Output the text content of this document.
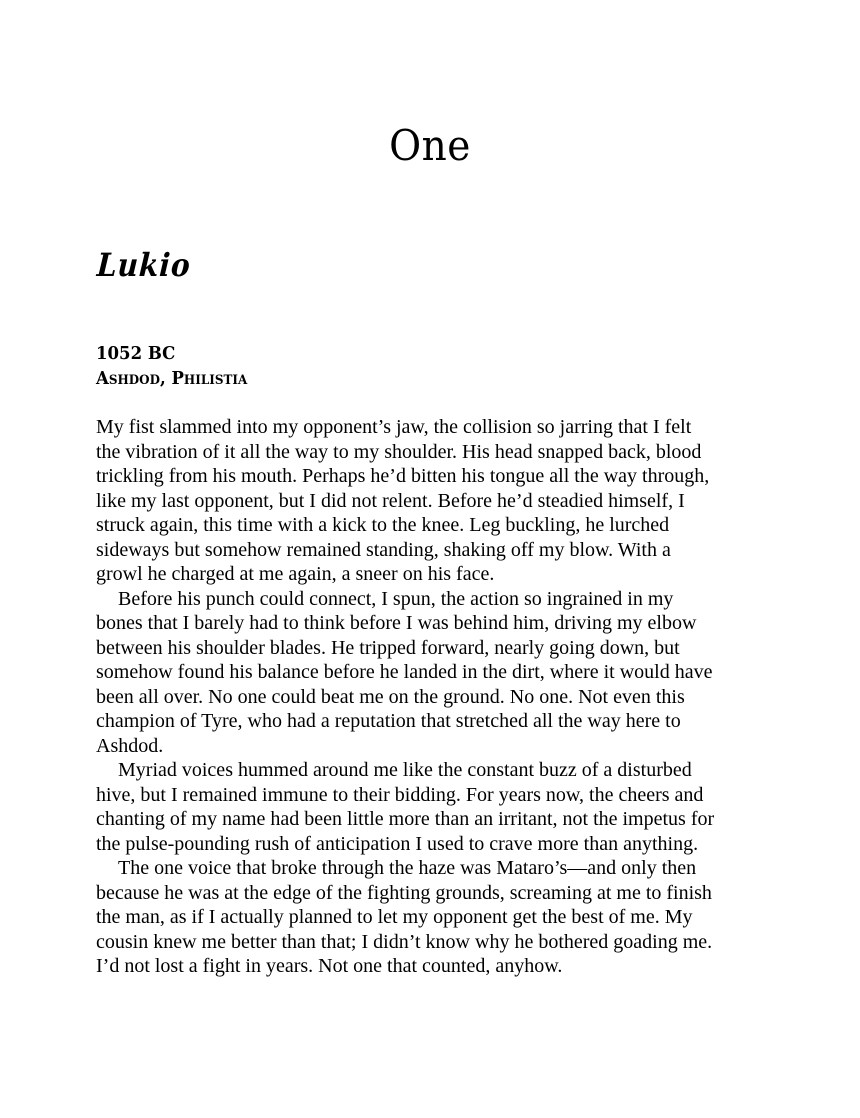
One
Lukio
1052 BC
Ashdod, Philistia

My fist slammed into my opponent’s jaw, the collision so jarring that I felt
the vibration of it all the way to my shoulder. His head snapped back, blood
trickling from his mouth. Perhaps he’d bitten his tongue all the way through,
like my last opponent, but I did not relent. Before he’d steadied himself, I
struck again, this time with a kick to the knee. Leg buckling, he lurched
sideways but somehow remained standing, shaking off my blow. With a
growl he charged at me again, a sneer on his face.

Before his punch could connect, I spun, the action so ingrained in my
bones that I barely had to think before I was behind him, driving my elbow
between his shoulder blades. He tripped forward, nearly going down, but
somehow found his balance before he landed in the dirt, where it would have
been all over. No one could beat me on the ground. No one. Not even this
champion of Tyre, who had a reputation that stretched all the way here to
Ashdod.

Myriad voices hummed around me like the constant buzz of a disturbed
hive, but I remained immune to their bidding. For years now, the cheers and
chanting of my name had been little more than an irritant, not the impetus for
the pulse-pounding rush of anticipation I used to crave more than anything.

The one voice that broke through the haze was Mataro’s—and only then
because he was at the edge of the fighting grounds, screaming at me to finish
the man, as if I actually planned to let my opponent get the best of me. My
cousin knew me better than that; I didn’t know why he bothered goading me.
I’d not lost a fight in years. Not one that counted, anyhow.
